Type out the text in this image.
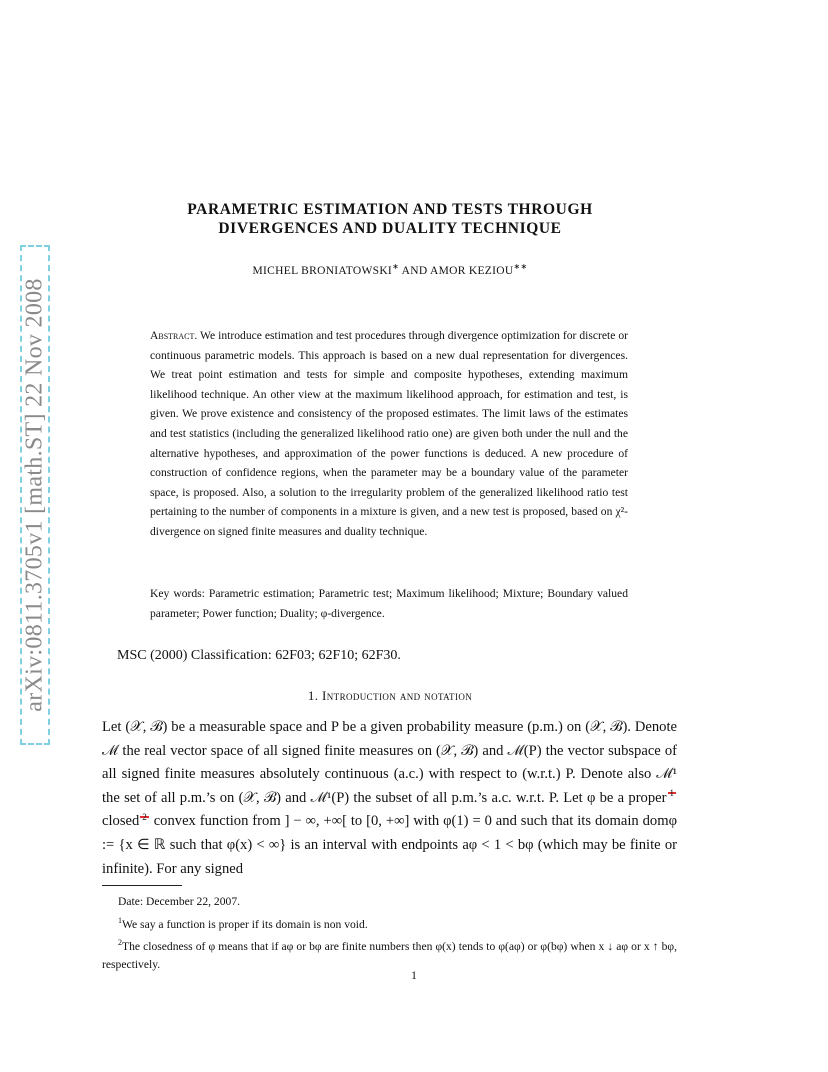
arXiv:0811.3705v1 [math.ST] 22 Nov 2008
PARAMETRIC ESTIMATION AND TESTS THROUGH
DIVERGENCES AND DUALITY TECHNIQUE
MICHEL BRONIATOWSKI∗ AND AMOR KEZIOU∗∗
Abstract. We introduce estimation and test procedures through divergence optimization for discrete or continuous parametric models. This approach is based on a new dual representation for divergences. We treat point estimation and tests for simple and composite hypotheses, extending maximum likelihood technique. An other view at the maximum likelihood approach, for estimation and test, is given. We prove existence and consistency of the proposed estimates. The limit laws of the estimates and test statistics (including the generalized likelihood ratio one) are given both under the null and the alternative hypotheses, and approximation of the power functions is deduced. A new procedure of construction of confidence regions, when the parameter may be a boundary value of the parameter space, is proposed. Also, a solution to the irregularity problem of the generalized likelihood ratio test pertaining to the number of components in a mixture is given, and a new test is proposed, based on χ²-divergence on signed finite measures and duality technique.
Key words: Parametric estimation; Parametric test; Maximum likelihood; Mixture; Boundary valued parameter; Power function; Duality; φ-divergence.
MSC (2000) Classification: 62F03; 62F10; 62F30.
1. Introduction and notation
Let (𝒳, ℬ) be a measurable space and P be a given probability measure (p.m.) on (𝒳, ℬ). Denote ℳ the real vector space of all signed finite measures on (𝒳, ℬ) and ℳ(P) the vector subspace of all signed finite measures absolutely continuous (a.c.) with respect to (w.r.t.) P. Denote also ℳ¹ the set of all p.m.’s on (𝒳, ℬ) and ℳ¹(P) the subset of all p.m.’s a.c. w.r.t. P. Let φ be a proper 1 closed 2 convex function from ] − ∞, +∞[ to [0, +∞] with φ(1) = 0 and such that its domain domφ := {x ∈ ℝ such that φ(x) < ∞} is an interval with endpoints aφ < 1 < bφ (which may be finite or infinite). For any signed

Date: December 22, 2007.

$^1$We say a function is proper if its domain is non void.

$^2$The closedness of φ means that if aφ or bφ are finite numbers then φ(x) tends to φ(aφ) or φ(bφ) when x ↓ aφ or x ↑ bφ, respectively.

1
